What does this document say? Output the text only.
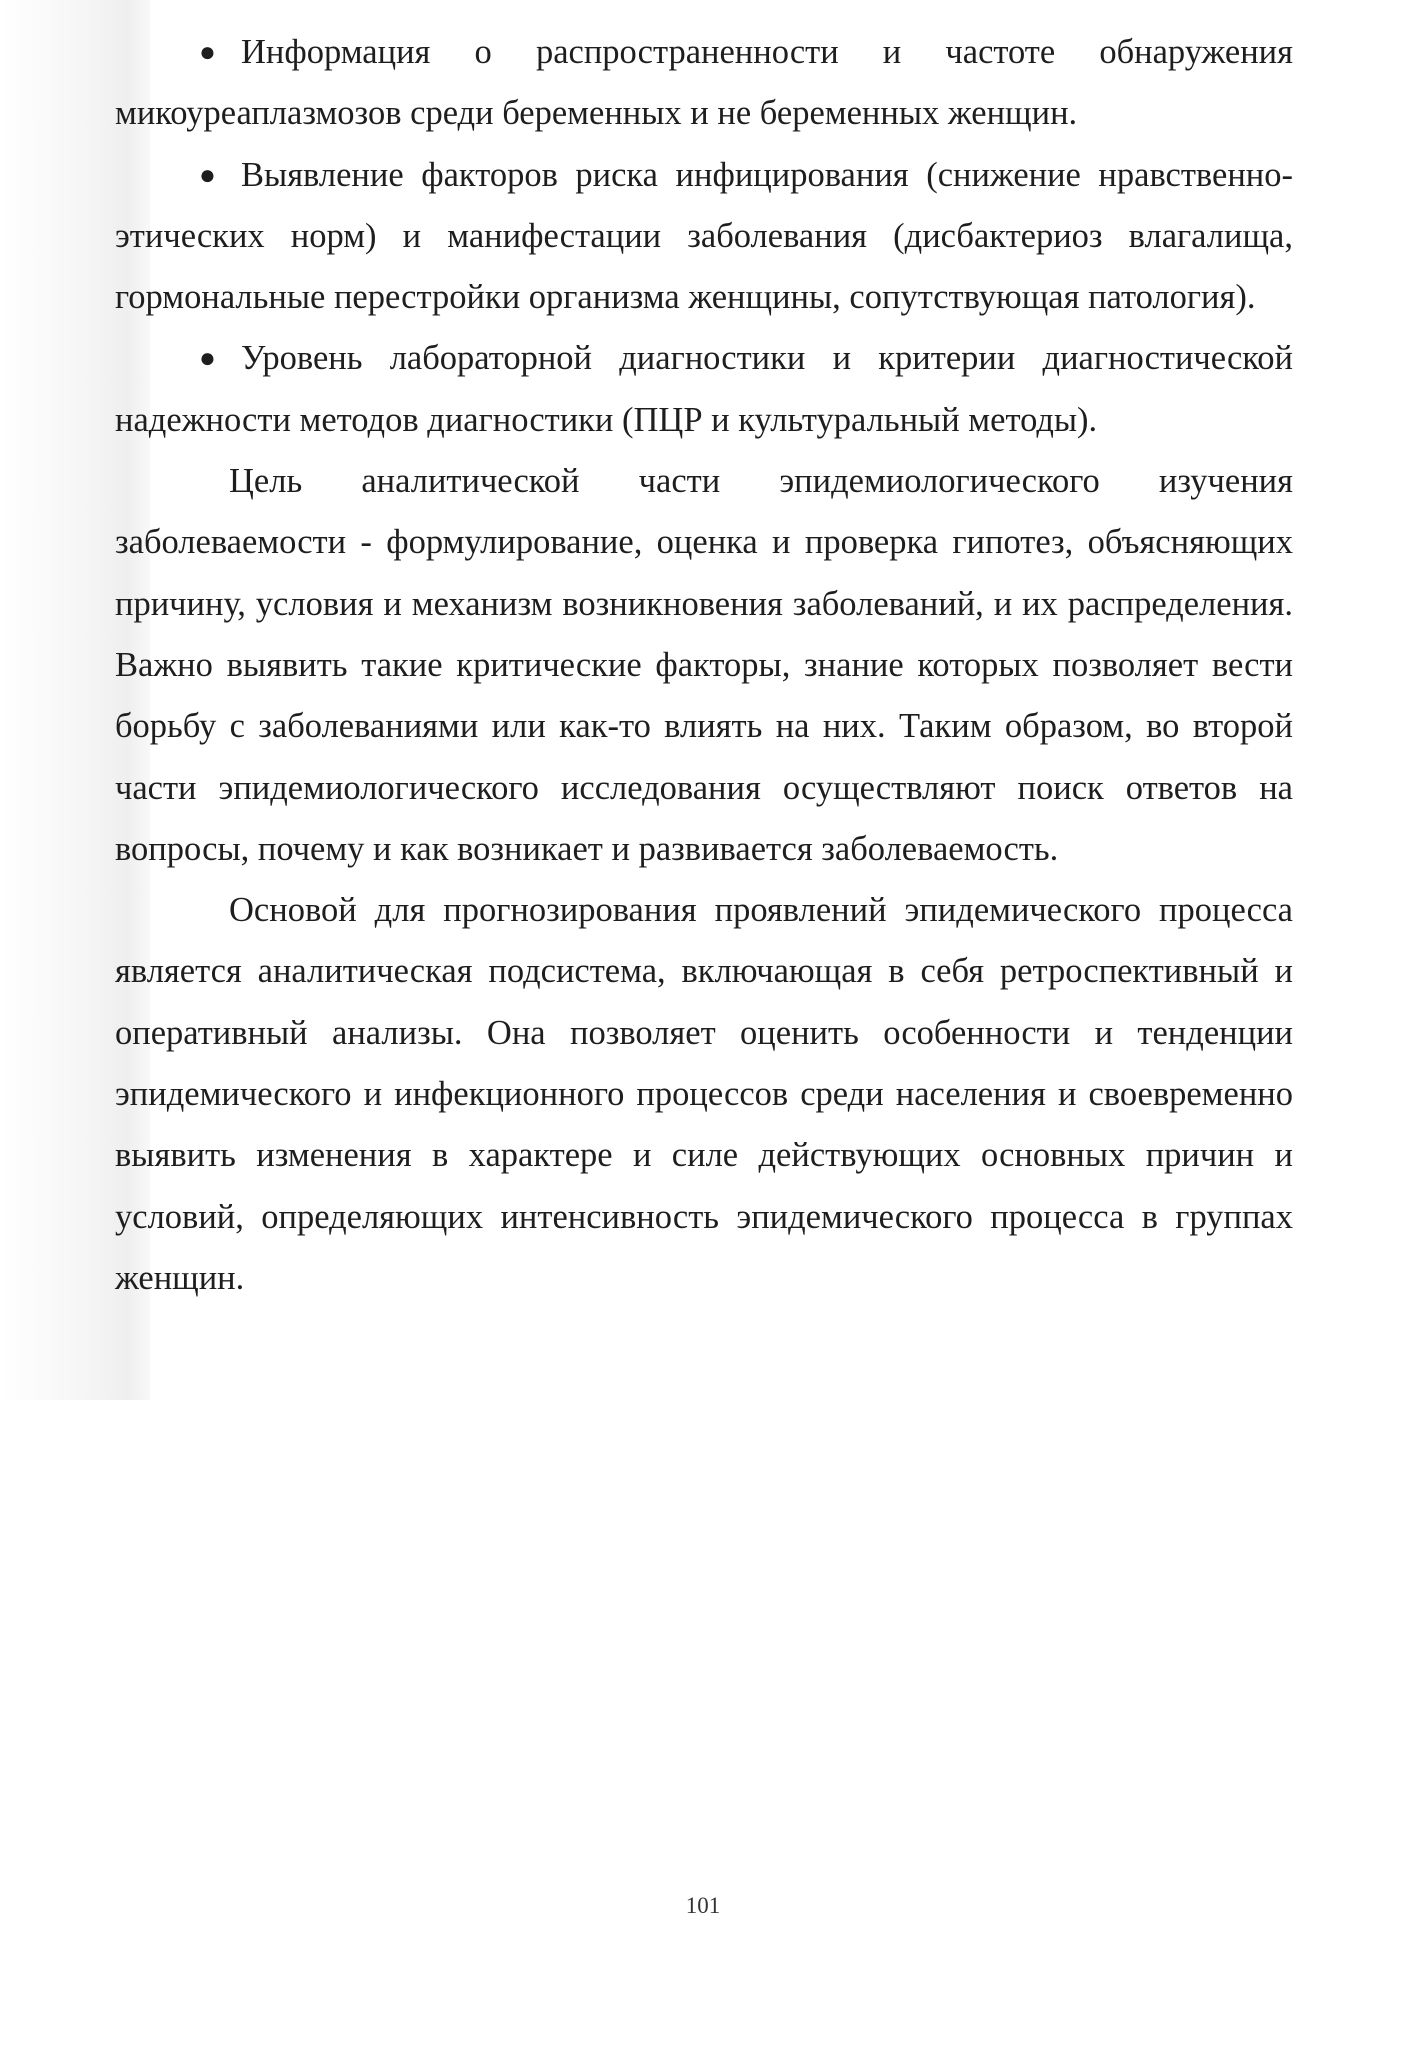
● Информация о распространенности и частоте обнаружения микоуреаплазмозов среди беременных и не беременных женщин.

● Выявление факторов риска инфицирования (снижение нравственно-этических норм) и манифестации заболевания (дисбактериоз влагалища, гормональные перестройки организма женщины, сопутствующая патология).

● Уровень лабораторной диагностики и критерии диагностической надежности методов диагностики (ПЦР и культуральный методы).

Цель аналитической части эпидемиологического изучения заболеваемости - формулирование, оценка и проверка гипотез, объясняющих причину, условия и механизм возникновения заболеваний, и их распределения. Важно выявить такие критические факторы, знание которых позволяет вести борьбу с заболеваниями или как-то влиять на них. Таким образом, во второй части эпидемиологического исследования осуществляют поиск ответов на вопросы, почему и как возникает и развивается заболеваемость.

Основой для прогнозирования проявлений эпидемического процесса является аналитическая подсистема, включающая в себя ретроспективный и оперативный анализы. Она позволяет оценить особенности и тенденции эпидемического и инфекционного процессов среди населения и своевременно выявить изменения в характере и силе действующих основных причин и условий, определяющих интенсивность эпидемического процесса в группах женщин.

101
